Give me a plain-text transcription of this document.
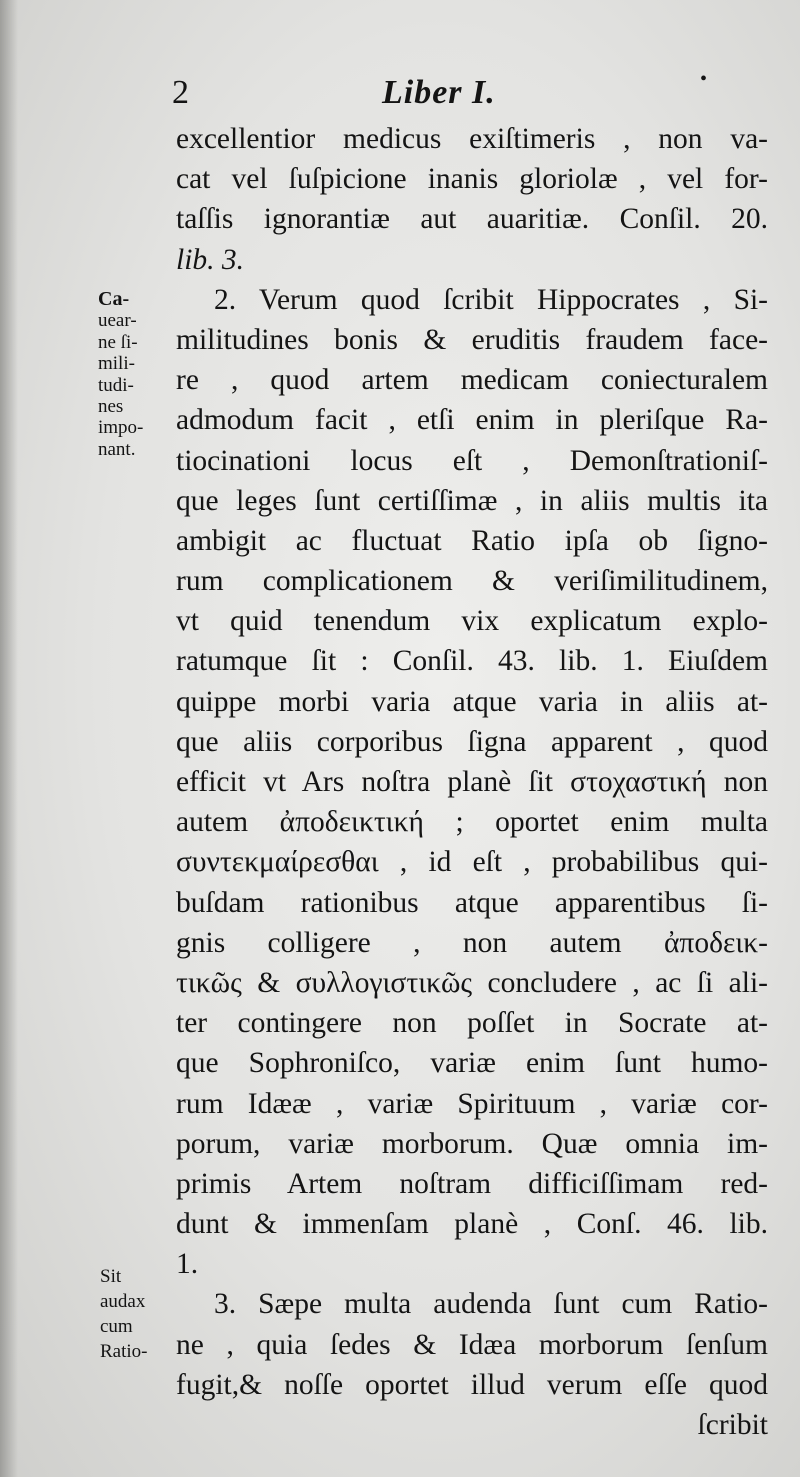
2	Liber I.	•
Ca-
uear-
ne ſi-
mili-
tudi-
nes
impo-
nant.
Sit
audax
cum
Ratio-
excellentior medicus exiſtimeris , non va-
cat vel ſuſpicione inanis gloriolæ , vel for-
taſſis ignorantiæ aut auaritiæ. Conſil. 20.
lib. 3.
2. Verum quod ſcribit Hippocrates , Si-
militudines bonis & eruditis fraudem face-
re , quod artem medicam coniecturalem
admodum facit , etſi enim in pleriſque Ra-
tiocinationi locus eſt , Demonſtrationiſ-
que leges ſunt certiſſimæ , in aliis multis ita
ambigit ac fluctuat Ratio ipſa ob ſigno-
rum complicationem & veriſimilitudinem,
vt quid tenendum vix explicatum explo-
ratumque ſit : Conſil. 43. lib. 1. Eiuſdem
quippe morbi varia atque varia in aliis at-
que aliis corporibus ſigna apparent , quod
efficit vt Ars noſtra planè ſit στοχαστική non
autem ἀποδεικτική ; oportet enim multa
συντεκμαίρεσθαι , id eſt , probabilibus qui-
buſdam rationibus atque apparentibus ſi-
gnis colligere , non autem ἀποδεικ-
τικῶς & συλλογιστικῶς concludere , ac ſi ali-
ter contingere non poſſet in Socrate at-
que Sophroniſco, variæ enim ſunt humo-
rum Idææ , variæ Spirituum , variæ cor-
porum, variæ morborum. Quæ omnia im-
primis Artem noſtram difficiſſimam red-
dunt & immenſam planè , Conſ. 46. lib.
1.
3. Sæpe multa audenda ſunt cum Ratio-
ne , quia ſedes & Idæa morborum ſenſum
fugit,& noſſe oportet illud verum eſſe quod
ſcribit
